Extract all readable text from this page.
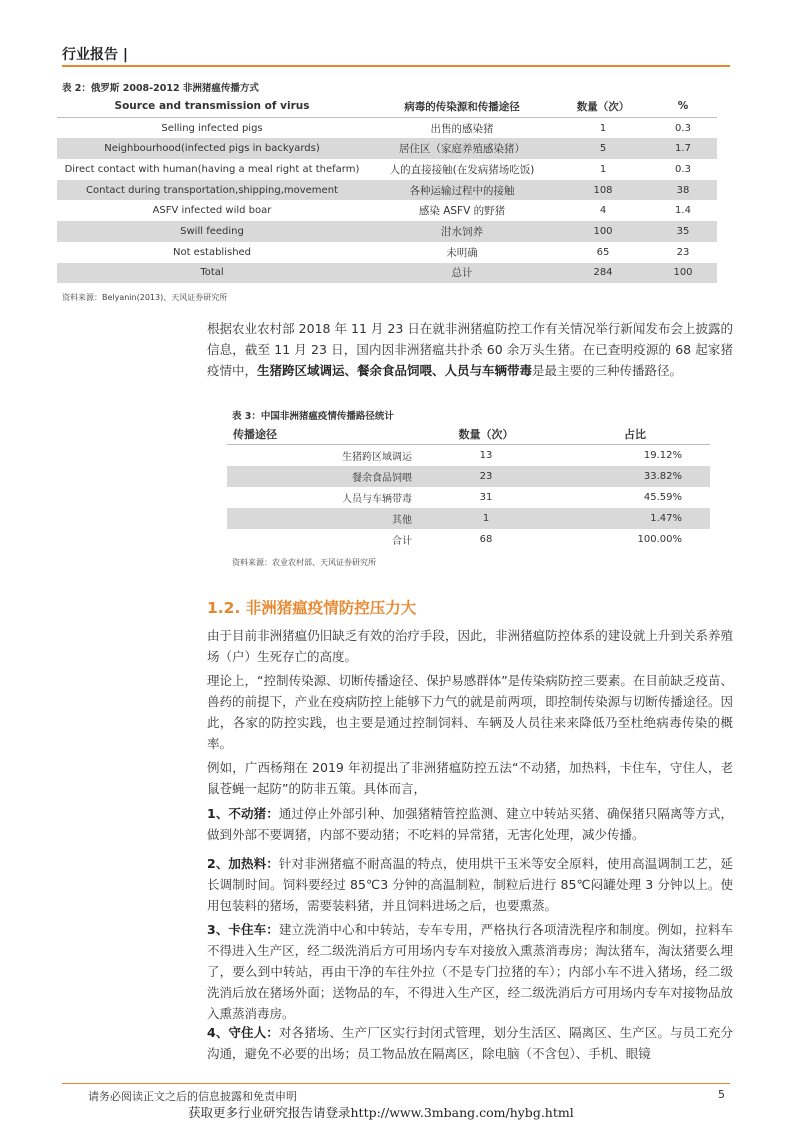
行业报告 |
表 2：俄罗斯 2008-2012 非洲猪瘟传播方式
Source and transmission of virus	病毒的传染源和传播途径	数量（次）	%
Selling infected pigs	出售的感染猪	1	0.3
Neighbourhood(infected pigs in backyards)	居住区（家庭养殖感染猪）	5	1.7
Direct contact with human(having a meal right at thefarm)	人的直接接触(在发病猪场吃饭)	1	0.3
Contact during transportation,shipping,movement	各种运输过程中的接触	108	38
ASFV infected wild boar	感染 ASFV 的野猪	4	1.4
Swill feeding	泔水饲养	100	35
Not established	未明确	65	23
Total	总计	284	100
资料来源：Belyanin(2013)、天风证券研究所

根据农业农村部 2018 年 11 月 23 日在就非洲猪瘟防控工作有关情况举行新闻发布会上披露的信息，截至 11 月 23 日，国内因非洲猪瘟共扑杀 60 余万头生猪。在已查明疫源的 68 起家猪疫情中，生猪跨区域调运、餐余食品饲喂、人员与车辆带毒是最主要的三种传播路径。

表 3：中国非洲猪瘟疫情传播路径统计
传播途径	数量（次）	占比
生猪跨区域调运	13	19.12%
餐余食品饲喂	23	33.82%
人员与车辆带毒	31	45.59%
其他	1	1.47%
合计	68	100.00%
资料来源：农业农村部、天风证券研究所
1.2. 非洲猪瘟疫情防控压力大

由于目前非洲猪瘟仍旧缺乏有效的治疗手段，因此，非洲猪瘟防控体系的建设就上升到关系养殖场（户）生死存亡的高度。

理论上，“控制传染源、切断传播途径、保护易感群体”是传染病防控三要素。在目前缺乏疫苗、兽药的前提下，产业在疫病防控上能够下力气的就是前两项，即控制传染源与切断传播途径。因此，各家的防控实践，也主要是通过控制饲料、车辆及人员往来来降低乃至杜绝病毒传染的概率。

例如，广西杨翔在 2019 年初提出了非洲猪瘟防控五法“不动猪，加热料，卡住车，守住人，老鼠苍蝇一起防”的防非五策。具体而言，

1、不动猪：通过停止外部引种、加强猪精管控监测、建立中转站买猪、确保猪只隔离等方式，做到外部不要调猪，内部不要动猪；不吃料的异常猪，无害化处理，减少传播。

2、加热料：针对非洲猪瘟不耐高温的特点，使用烘干玉米等安全原料，使用高温调制工艺，延长调制时间。饲料要经过 85℃3 分钟的高温制粒，制粒后进行 85℃闷罐处理 3 分钟以上。使用包装料的猪场，需要装料猪，并且饲料进场之后，也要熏蒸。

3、卡住车：建立洗消中心和中转站，专车专用，严格执行各项清洗程序和制度。例如，拉料车不得进入生产区，经二级洗消后方可用场内专车对接放入熏蒸消毒房；淘汰猪车，淘汰猪要么埋了，要么到中转站，再由干净的车往外拉（不是专门拉猪的车）；内部小车不进入猪场，经二级洗消后放在猪场外面；送物品的车，不得进入生产区，经二级洗消后方可用场内专车对接物品放入熏蒸消毒房。

4、守住人：对各猪场、生产厂区实行封闭式管理，划分生活区、隔离区、生产区。与员工充分沟通，避免不必要的出场；员工物品放在隔离区，除电脑（不含包）、手机、眼镜

请务必阅读正文之后的信息披露和免责申明	5
获取更多行业研究报告请登录http://www.3mbang.com/hybg.html
